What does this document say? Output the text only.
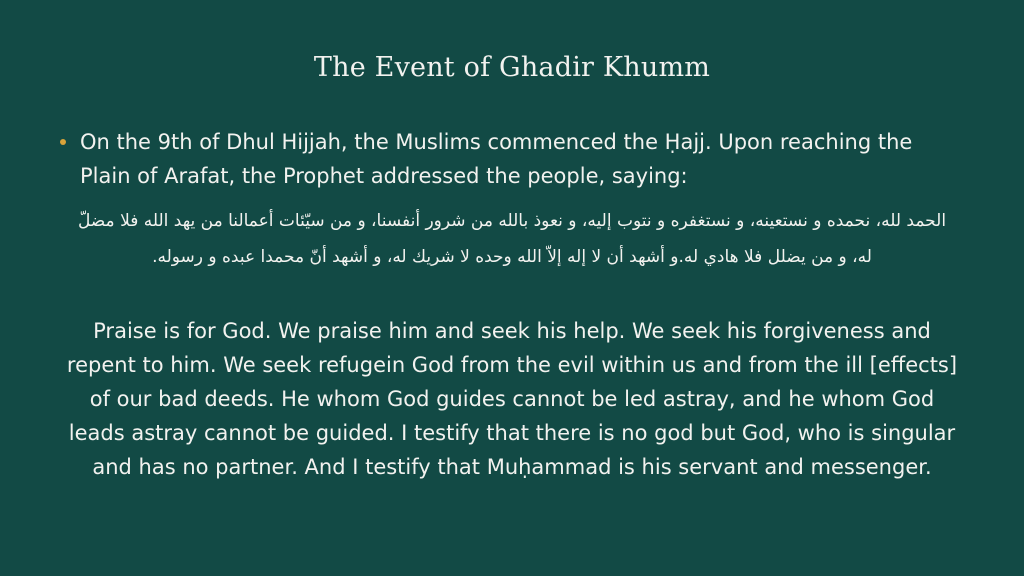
The Event of Ghadir Khumm
On the 9th of Dhul Hijjah, the Muslims commenced the Ḥajj. Upon reaching the Plain of Arafat, the Prophet addressed the people, saying:
الحمد لله، نحمده و نستعينه، و نستغفره و نتوب إليه، و نعوذ بالله من شرور أنفسنا، و من سيّئات أعمالنا من يهد الله فلا مضلّ له، و من يضلل فلا هادي له.و أشهد أن لا إله إلاّ الله وحده لا شريك له، و أشهد أنّ محمدا عبده و رسوله.
Praise is for God. We praise him and seek his help. We seek his forgiveness and repent to him. We seek refugein God from the evil within us and from the ill [effects] of our bad deeds. He whom God guides cannot be led astray, and he whom God leads astray cannot be guided. I testify that there is no god but God, who is singular and has no partner. And I testify that Muḥammad is his servant and messenger.
